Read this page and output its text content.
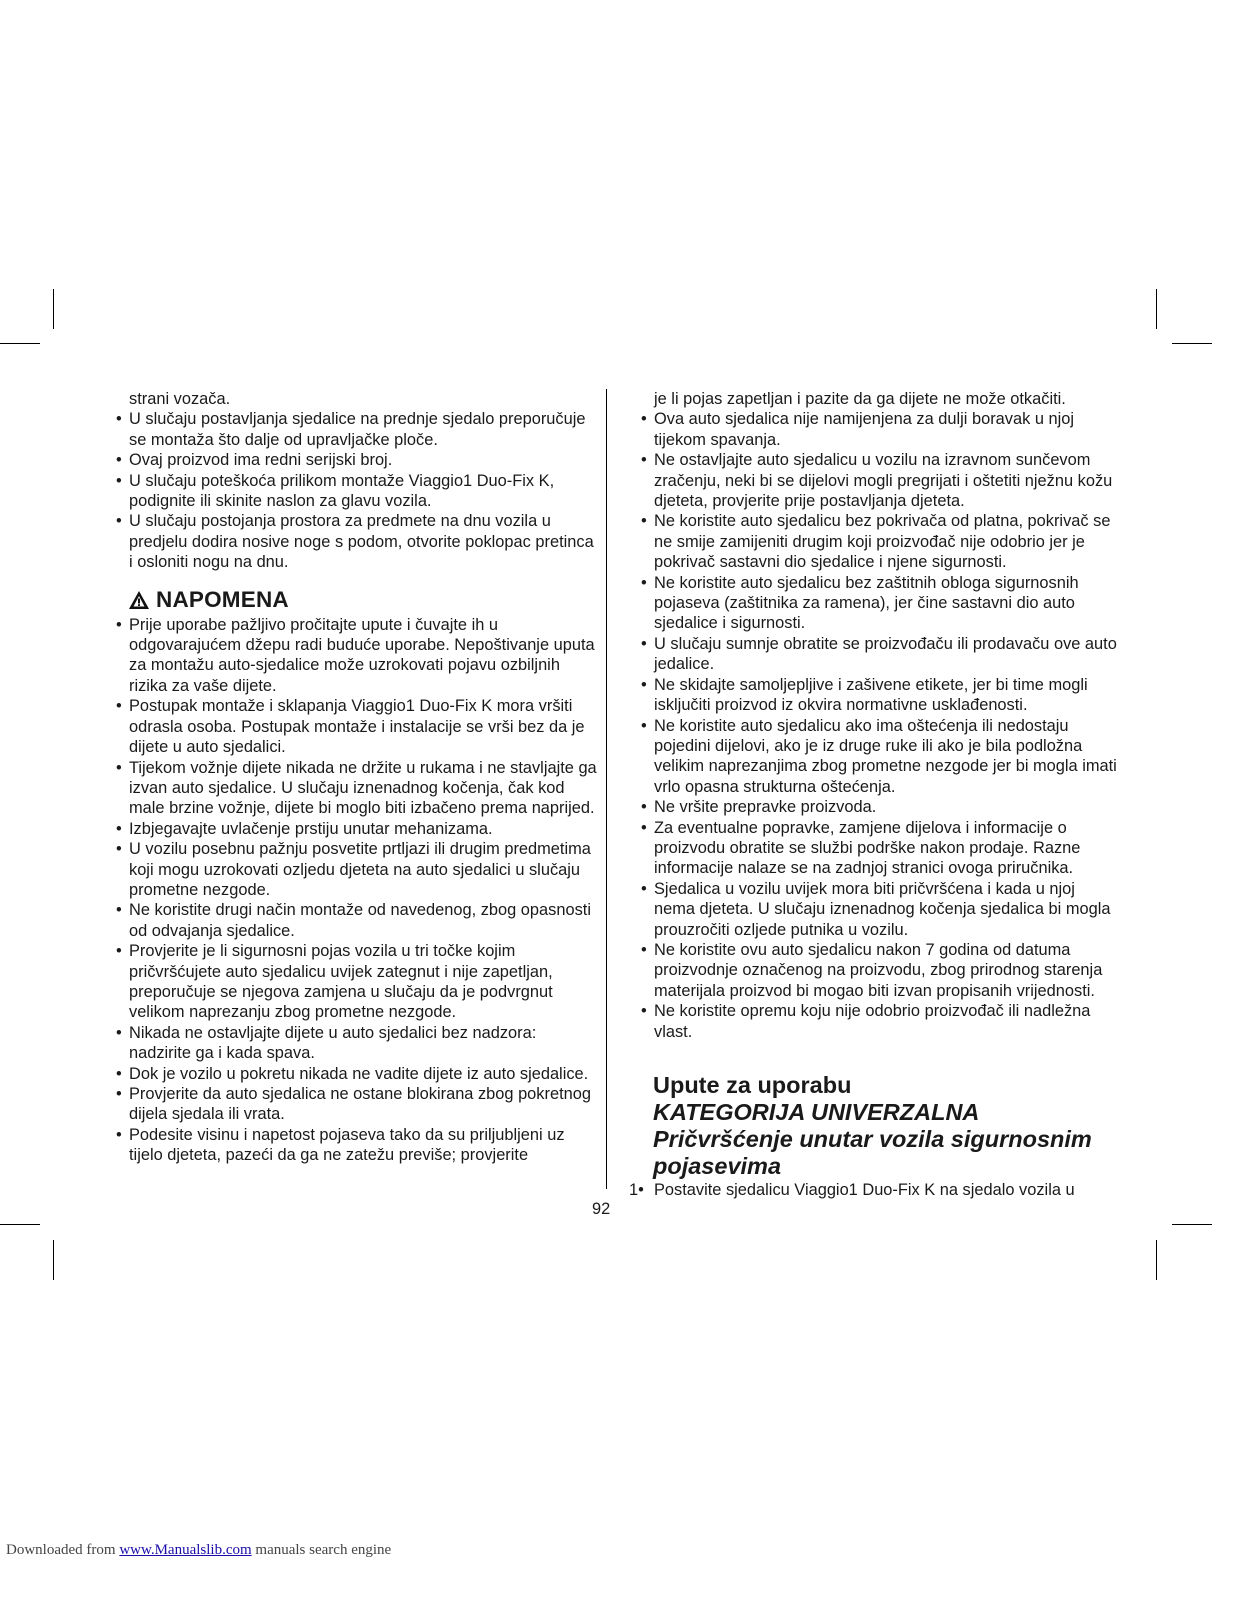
strani vozača.
• U slučaju postavljanja sjedalice na prednje sjedalo preporučuje se montaža što dalje od upravljačke ploče.
• Ovaj proizvod ima redni serijski broj.
• U slučaju poteškoća prilikom montaže Viaggio1 Duo-Fix K, podignite ili skinite naslon za glavu vozila.
• U slučaju postojanja prostora za predmete na dnu vozila u predjelu dodira nosive noge s podom, otvorite poklopac pretinca i osloniti nogu na dnu.
NAPOMENA
• Prije uporabe pažljivo pročitajte upute i čuvajte ih u odgovarajućem džepu radi buduće uporabe. Nepoštivanje uputa za montažu auto-sjedalice može uzrokovati pojavu ozbiljnih rizika za vaše dijete.
• Postupak montaže i sklapanja Viaggio1 Duo-Fix K mora vršiti odrasla osoba. Postupak montaže i instalacije se vrši bez da je dijete u auto sjedalici.
• Tijekom vožnje dijete nikada ne držite u rukama i ne stavljajte ga izvan auto sjedalice. U slučaju iznenadnog kočenja, čak kod male brzine vožnje, dijete bi moglo biti izbačeno prema naprijed.
• Izbjegavajte uvlačenje prstiju unutar mehanizama.
• U vozilu posebnu pažnju posvetite prtljazi ili drugim predmetima koji mogu uzrokovati ozljedu djeteta na auto sjedalici u slučaju prometne nezgode.
• Ne koristite drugi način montaže od navedenog, zbog opasnosti od odvajanja sjedalice.
• Provjerite je li sigurnosni pojas vozila u tri točke kojim pričvršćujete auto sjedalicu uvijek zategnut i nije zapetljan, preporučuje se njegova zamjena u slučaju da je podvrgnut velikom naprezanju zbog prometne nezgode.
• Nikada ne ostavljajte dijete u auto sjedalici bez nadzora: nadzirite ga i kada spava.
• Dok je vozilo u pokretu nikada ne vadite dijete iz auto sjedalice.
• Provjerite da auto sjedalica ne ostane blokirana zbog pokretnog dijela sjedala ili vrata.
• Podesite visinu i napetost pojaseva tako da su priljubljeni uz tijelo djeteta, pazeći da ga ne zatežu previše; provjerite
je li pojas zapetljan i pazite da ga dijete ne može otkačiti.
• Ova auto sjedalica nije namijenjena za dulji boravak u njoj tijekom spavanja.
• Ne ostavljajte auto sjedalicu u vozilu na izravnom sunčevom zračenju, neki bi se dijelovi mogli pregrijati i oštetiti nježnu kožu djeteta, provjerite prije postavljanja djeteta.
• Ne koristite auto sjedalicu bez pokrivača od platna, pokrivač se ne smije zamijeniti drugim koji proizvođač nije odobrio jer je pokrivač sastavni dio sjedalice i njene sigurnosti.
• Ne koristite auto sjedalicu bez zaštitnih obloga sigurnosnih pojaseva (zaštitnika za ramena), jer čine sastavni dio auto sjedalice i sigurnosti.
• U slučaju sumnje obratite se proizvođaču ili prodavaču ove auto jedalice.
• Ne skidajte samoljepljive i zašivene etikete, jer bi time mogli isključiti proizvod iz okvira normativne usklađenosti.
• Ne koristite auto sjedalicu ako ima oštećenja ili nedostaju pojedini dijelovi, ako je iz druge ruke ili ako je bila podložna velikim naprezanjima zbog prometne nezgode jer bi mogla imati vrlo opasna strukturna oštećenja.
• Ne vršite prepravke proizvoda.
• Za eventualne popravke, zamjene dijelova i informacije o proizvodu obratite se službi podrške nakon prodaje. Razne informacije nalaze se na zadnjoj stranici ovoga priručnika.
• Sjedalica u vozilu uvijek mora biti pričvršćena i kada u njoj nema djeteta. U slučaju iznenadnog kočenja sjedalica bi mogla prouzročiti ozljede putnika u vozilu.
• Ne koristite ovu auto sjedalicu nakon 7 godina od datuma proizvodnje označenog na proizvodu, zbog prirodnog starenja materijala proizvod bi mogao biti izvan propisanih vrijednosti.
• Ne koristite opremu koju nije odobrio proizvođač ili nadležna vlast.
Upute za uporabu
KATEGORIJA UNIVERZALNA
Pričvršćenje unutar vozila sigurnosnim pojasevima
1• Postavite sjedalicu Viaggio1 Duo-Fix K na sjedalo vozila u
92
Downloaded from www.Manualslib.com manuals search engine
